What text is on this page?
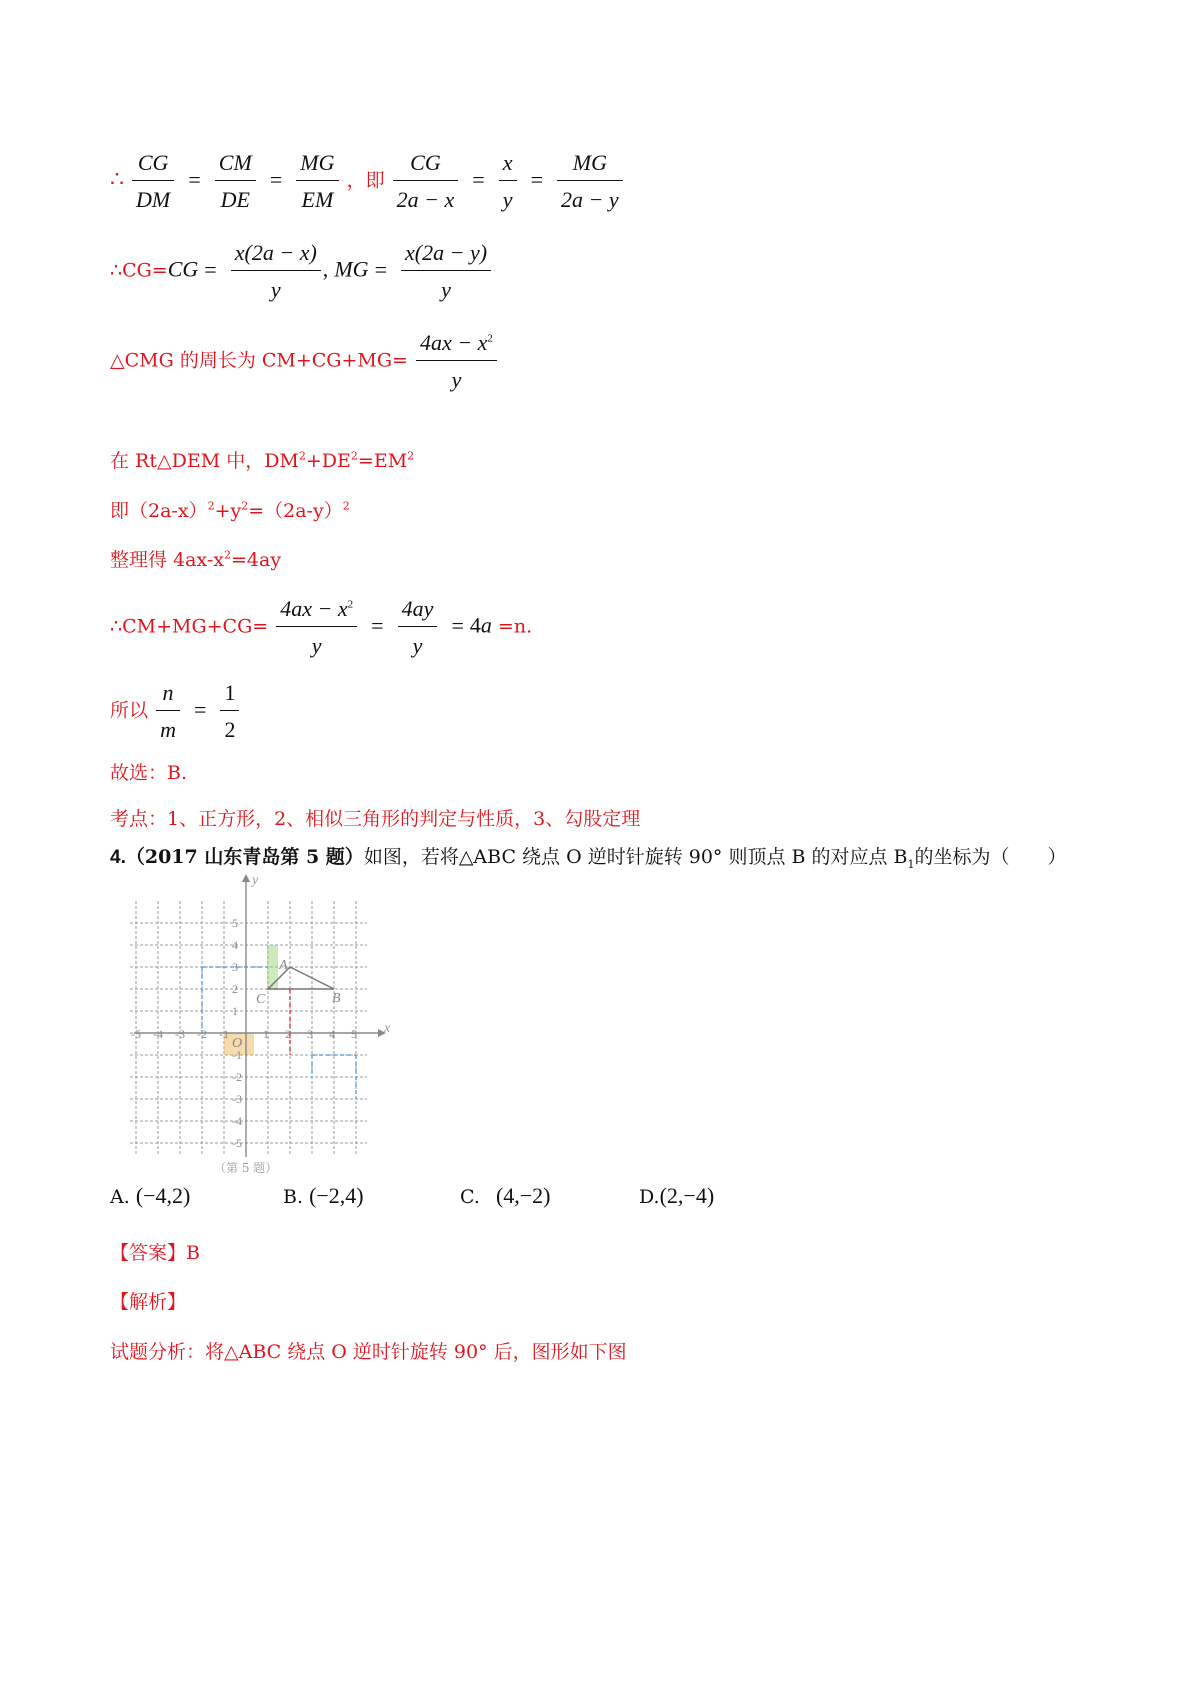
∴ $\frac{CG}{DM} = \frac{CM}{DE} = \frac{MG}{EM}$ ，即 $\frac{CG}{2a - x} = \frac{x}{y} = \frac{MG}{2a - y}$
∴CG=CG = $\frac{x(2a - x)}{y}$ , MG = $\frac{x(2a - y)}{y}$
△CMG 的周长为 $CM+CG+MG= \frac{4ax - x^2}{y}$
在 Rt△DEM 中，$DM^2+DE^2=EM^2$
即$(2a-x)^2+y^2=(2a-y)^2$
整理得 $4ax-x^2=4ay$
∴CM+MG+CG= $\frac{4ax - x^2}{y} = \frac{4ay}{y} = 4a =n$.
所以 $\frac{n}{m} = \frac{1}{2}$
故选：B.
考点：1、正方形，2、相似三角形的判定与性质，3、勾股定理
4.（2017 山东青岛第 5 题）如图，若将△ABC 绕点 O 逆时针旋转 90° 则顶点 B 的对应点 $B_1$的坐标为（　　）
x
y
O
A
B
C
-5 -4 -3 -2 -1	1 2 3 4 5
5
4
3
2
1
-1
-2
-3
-4
-5
（第 5 题）
A. (−4,2)	B. (−2,4)	C. (4,−2)	D.(2,−4)
【答案】B
【解析】
试题分析：将△ABC 绕点 O 逆时针旋转 90° 后，图形如下图
